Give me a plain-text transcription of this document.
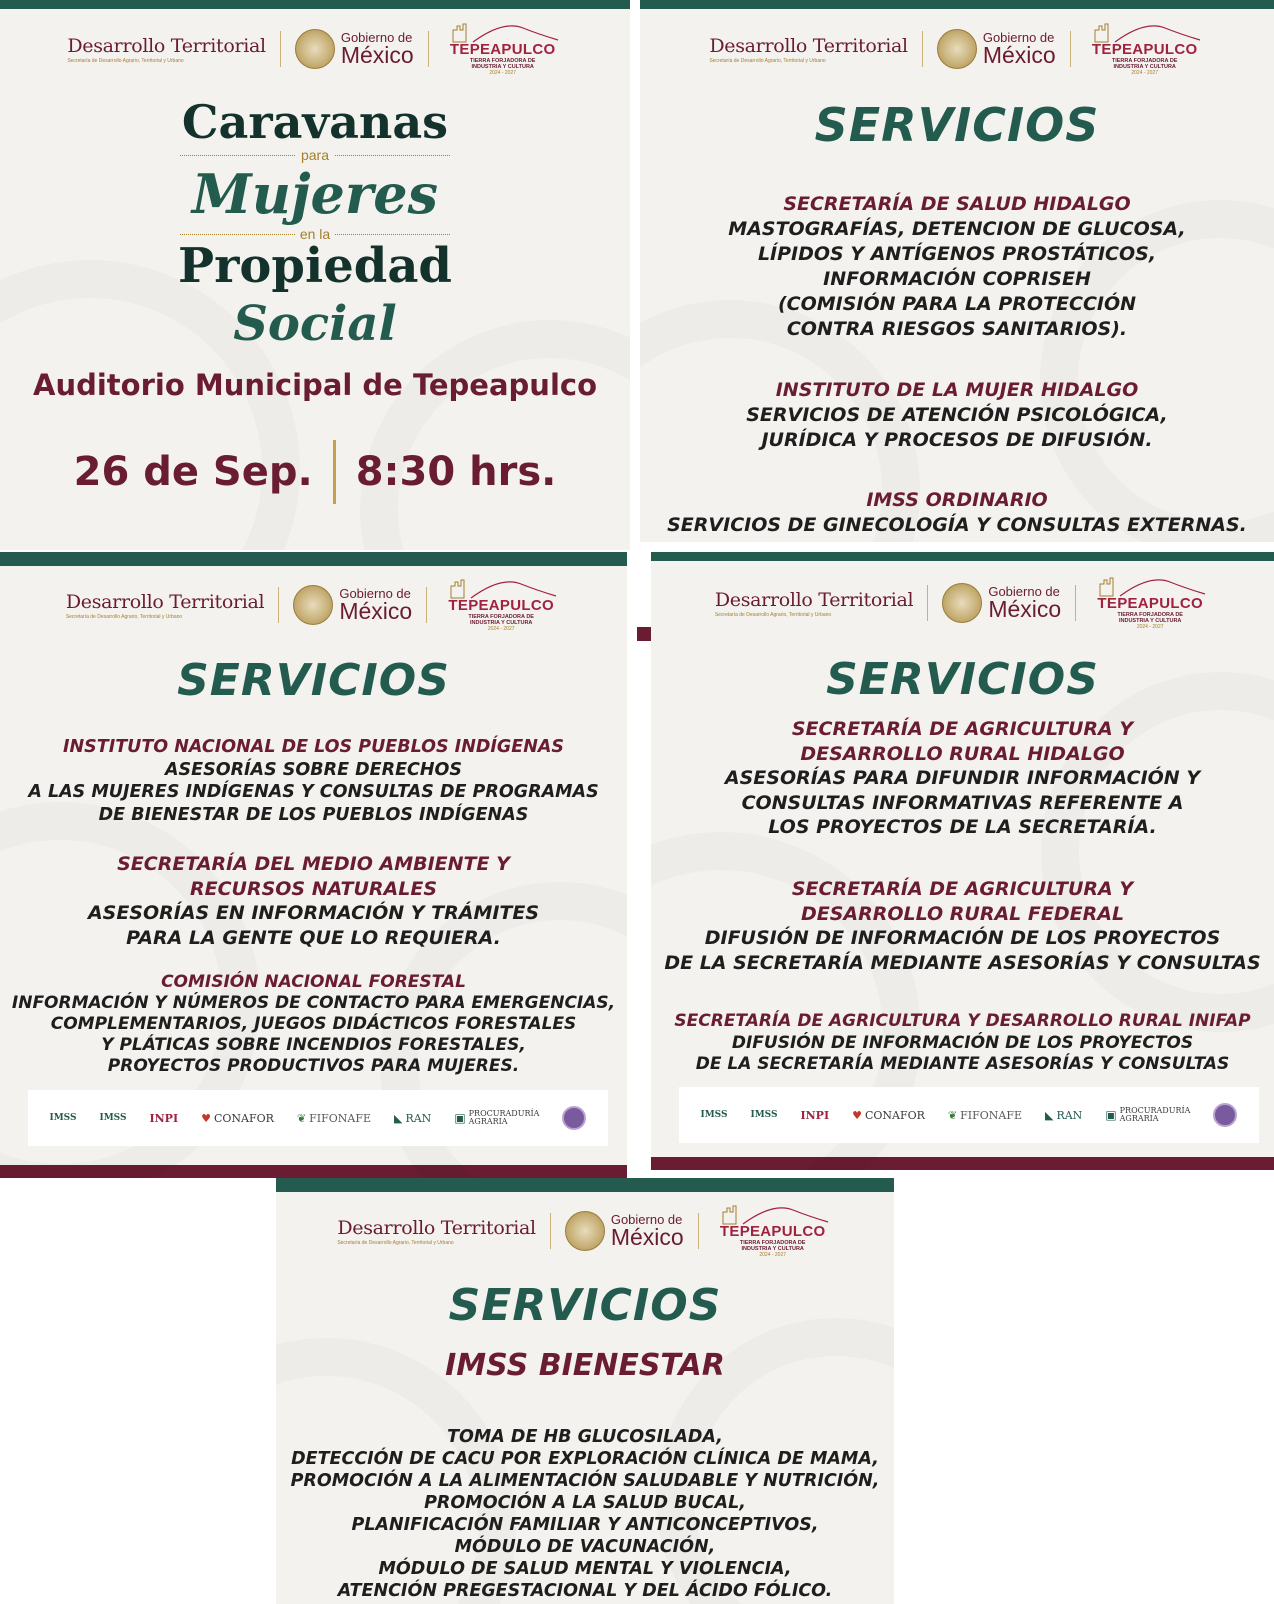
Desarrollo Territorial
Secretaría de Desarrollo Agrario, Territorial y Urbano
Gobierno de
México TEPEAPULCO
TIERRA FORJADORA DE
INDUSTRIA Y CULTURA
2024 - 2027
Caravanas
para
Mujeres
en la
Propiedad
Social
Auditorio Municipal de Tepeapulco
26 de Sep. 8:30 hrs.
Desarrollo Territorial
Secretaría de Desarrollo Agrario, Territorial y Urbano
Gobierno de
México TEPEAPULCO
TIERRA FORJADORA DE
INDUSTRIA Y CULTURA
2024 - 2027
SERVICIOS
SECRETARÍA DE SALUD HIDALGO
MASTOGRAFÍAS, DETENCION DE GLUCOSA,
LÍPIDOS Y ANTÍGENOS PROSTÁTICOS,
INFORMACIÓN COPRISEH
(COMISIÓN PARA LA PROTECCIÓN
CONTRA RIESGOS SANITARIOS).
INSTITUTO DE LA MUJER HIDALGO
SERVICIOS DE ATENCIÓN PSICOLÓGICA,
JURÍDICA Y PROCESOS DE DIFUSIÓN.
IMSS ORDINARIO
SERVICIOS DE GINECOLOGÍA Y CONSULTAS EXTERNAS.
Desarrollo Territorial
Secretaría de Desarrollo Agrario, Territorial y Urbano
Gobierno de
México TEPEAPULCO
TIERRA FORJADORA DE
INDUSTRIA Y CULTURA
2024 - 2027
SERVICIOS
INSTITUTO NACIONAL DE LOS PUEBLOS INDÍGENAS
ASESORÍAS SOBRE DERECHOS
A LAS MUJERES INDÍGENAS Y CONSULTAS DE PROGRAMAS
DE BIENESTAR DE LOS PUEBLOS INDÍGENAS
SECRETARÍA DEL MEDIO AMBIENTE Y
RECURSOS NATURALES
ASESORÍAS EN INFORMACIÓN Y TRÁMITES
PARA LA GENTE QUE LO REQUIERA.
COMISIÓN NACIONAL FORESTAL
INFORMACIÓN Y NÚMEROS DE CONTACTO PARA EMERGENCIAS,
COMPLEMENTARIOS, JUEGOS DIDÁCTICOS FORESTALES
Y PLÁTICAS SOBRE INCENDIOS FORESTALES,
PROYECTOS PRODUCTIVOS PARA MUJERES.
IMSS	IMSS INPI ♥ CONAFOR ❦ FIFONAFE ◣ RAN ▣ PROCURADURÍA
AGRARIA
Desarrollo Territorial
Secretaría de Desarrollo Agrario, Territorial y Urbano
Gobierno de
México TEPEAPULCO
TIERRA FORJADORA DE
INDUSTRIA Y CULTURA
2024 - 2027
SERVICIOS
SECRETARÍA DE AGRICULTURA Y
DESARROLLO RURAL HIDALGO
ASESORÍAS PARA DIFUNDIR INFORMACIÓN Y
CONSULTAS INFORMATIVAS REFERENTE A
LOS PROYECTOS DE LA SECRETARÍA.
SECRETARÍA DE AGRICULTURA Y
DESARROLLO RURAL FEDERAL
DIFUSIÓN DE INFORMACIÓN DE LOS PROYECTOS
DE LA SECRETARÍA MEDIANTE ASESORÍAS Y CONSULTAS
SECRETARÍA DE AGRICULTURA Y DESARROLLO RURAL INIFAP
DIFUSIÓN DE INFORMACIÓN DE LOS PROYECTOS
DE LA SECRETARÍA MEDIANTE ASESORÍAS Y CONSULTAS
IMSS	IMSS INPI ♥ CONAFOR ❦ FIFONAFE ◣ RAN ▣ PROCURADURÍA
AGRARIA
Desarrollo Territorial
Secretaría de Desarrollo Agrario, Territorial y Urbano
Gobierno de
México TEPEAPULCO
TIERRA FORJADORA DE
INDUSTRIA Y CULTURA
2024 - 2027
SERVICIOS
IMSS BIENESTAR
TOMA DE HB GLUCOSILADA,
DETECCIÓN DE CACU POR EXPLORACIÓN CLÍNICA DE MAMA,
PROMOCIÓN A LA ALIMENTACIÓN SALUDABLE Y NUTRICIÓN,
PROMOCIÓN A LA SALUD BUCAL,
PLANIFICACIÓN FAMILIAR Y ANTICONCEPTIVOS,
MÓDULO DE VACUNACIÓN,
MÓDULO DE SALUD MENTAL Y VIOLENCIA,
ATENCIÓN PREGESTACIONAL Y DEL ÁCIDO FÓLICO.
